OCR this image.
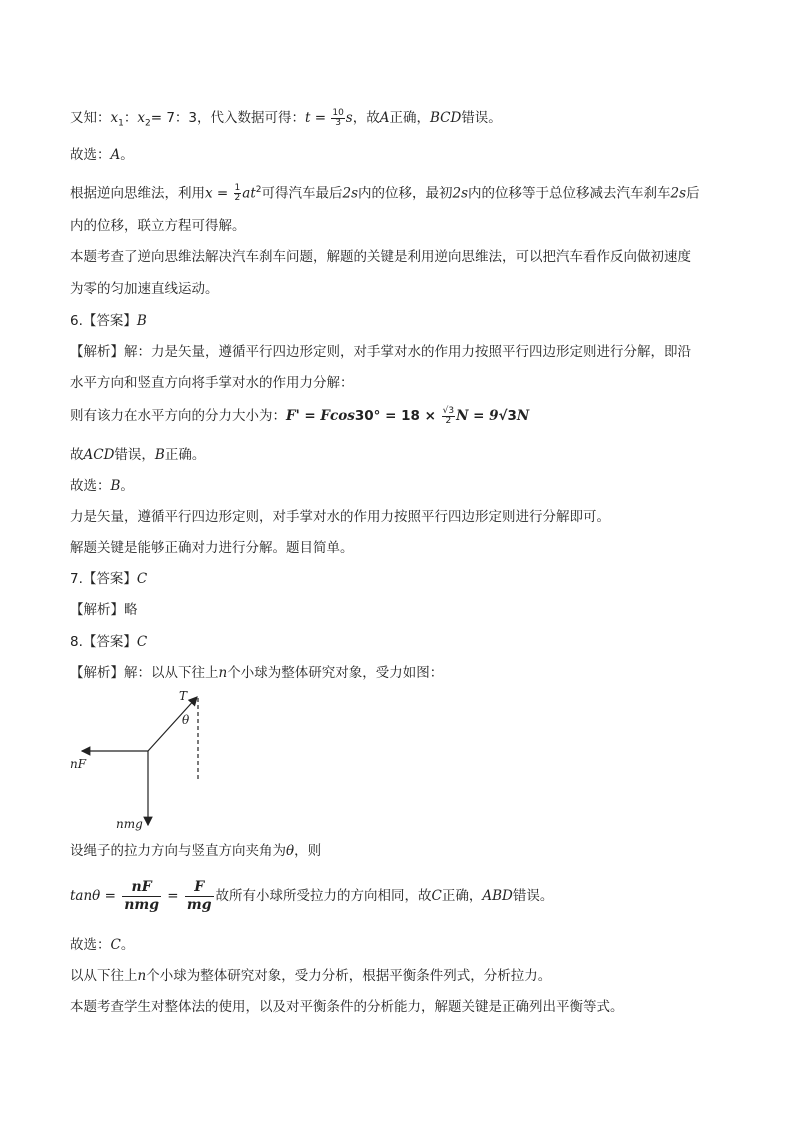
又知：$x_1$：$x_2= 7$：3，代入数据可得：$t = \frac{10}{3}$ s，故A正确，BCD错误。
故选：A。
根据逆向思维法，利用$x = \frac{1}{2} at^2$可得汽车最后2s内的位移，最初2s内的位移等于总位移减去汽车刹车2s后
内的位移，联立方程可得解。
本题考查了逆向思维法解决汽车刹车问题，解题的关键是利用逆向思维法，可以把汽车看作反向做初速度
为零的匀加速直线运动。
6.【答案】B
【解析】解：力是矢量，遵循平行四边形定则，对手掌对水的作用力按照平行四边形定则进行分解，即沿
水平方向和竖直方向将手掌对水的作用力分解：
则有该力在水平方向的分力大小为：$F' = Fcos30^\circ = 18 \times \frac{√3}{2}$ N = 9√3N
故ACD错误，B正确。
故选：B。
力是矢量，遵循平行四边形定则，对手掌对水的作用力按照平行四边形定则进行分解即可。
解题关键是能够正确对力进行分解。题目简单。
7.【答案】C
【解析】略
8.【答案】C
【解析】解：以从下往上n个小球为整体研究对象，受力如图：
T
θ
nF
nmg
设绳子的拉力方向与竖直方向夹角为θ，则
$\tan\theta = \frac{nF}{\text{nmg}} = \frac{F}{mg}$ 故所有小球所受拉力的方向相同，故C正确，ABD错误。
故选：C。
以从下往上n个小球为整体研究对象，受力分析，根据平衡条件列式，分析拉力。
本题考查学生对整体法的使用，以及对平衡条件的分析能力，解题关键是正确列出平衡等式。
